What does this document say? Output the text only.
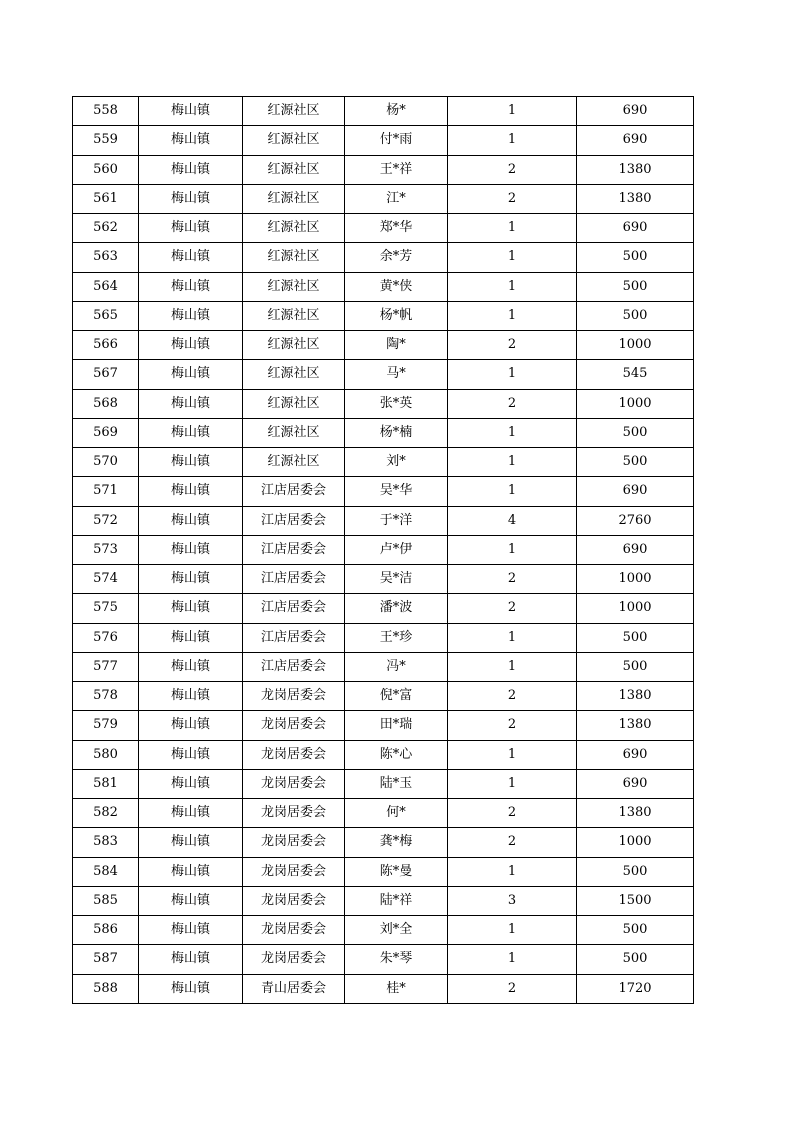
558	梅山镇	红源社区	杨*	1	690
559	梅山镇	红源社区	付*雨	1	690
560	梅山镇	红源社区	王*祥	2	1380
561	梅山镇	红源社区	江*	2	1380
562	梅山镇	红源社区	郑*华	1	690
563	梅山镇	红源社区	余*芳	1	500
564	梅山镇	红源社区	黄*侠	1	500
565	梅山镇	红源社区	杨*帆	1	500
566	梅山镇	红源社区	陶*	2	1000
567	梅山镇	红源社区	马*	1	545
568	梅山镇	红源社区	张*英	2	1000
569	梅山镇	红源社区	杨*楠	1	500
570	梅山镇	红源社区	刘*	1	500
571	梅山镇	江店居委会	吴*华	1	690
572	梅山镇	江店居委会	于*洋	4	2760
573	梅山镇	江店居委会	卢*伊	1	690
574	梅山镇	江店居委会	吴*洁	2	1000
575	梅山镇	江店居委会	潘*波	2	1000
576	梅山镇	江店居委会	王*珍	1	500
577	梅山镇	江店居委会	冯*	1	500
578	梅山镇	龙岗居委会	倪*富	2	1380
579	梅山镇	龙岗居委会	田*瑞	2	1380
580	梅山镇	龙岗居委会	陈*心	1	690
581	梅山镇	龙岗居委会	陆*玉	1	690
582	梅山镇	龙岗居委会	何*	2	1380
583	梅山镇	龙岗居委会	龚*梅	2	1000
584	梅山镇	龙岗居委会	陈*曼	1	500
585	梅山镇	龙岗居委会	陆*祥	3	1500
586	梅山镇	龙岗居委会	刘*全	1	500
587	梅山镇	龙岗居委会	朱*琴	1	500
588	梅山镇	青山居委会	桂*	2	1720
